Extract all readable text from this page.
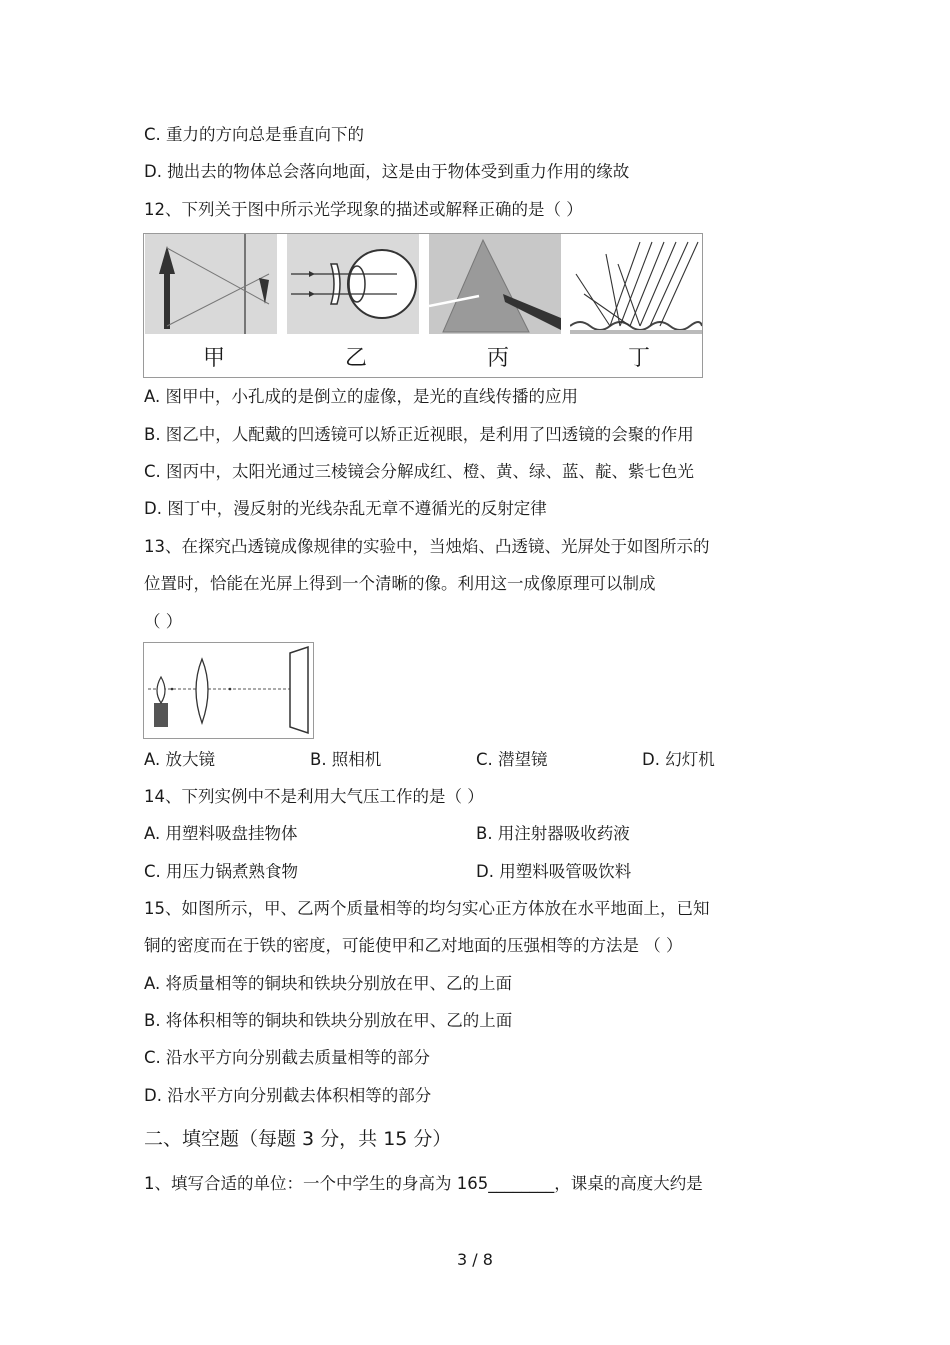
C. 重力的方向总是垂直向下的
D. 抛出去的物体总会落向地面，这是由于物体受到重力作用的缘故
12、下列关于图中所示光学现象的描述或解释正确的是（ ）
甲	乙	丙	丁
A. 图甲中，小孔成的是倒立的虚像，是光的直线传播的应用
B. 图乙中，人配戴的凹透镜可以矫正近视眼，是利用了凹透镜的会聚的作用
C. 图丙中，太阳光通过三棱镜会分解成红、橙、黄、绿、蓝、靛、紫七色光
D. 图丁中，漫反射的光线杂乱无章不遵循光的反射定律
13、在探究凸透镜成像规律的实验中，当烛焰、凸透镜、光屏处于如图所示的
位置时，恰能在光屏上得到一个清晰的像。利用这一成像原理可以制成
（ ）
A. 放大镜	B. 照相机	C. 潜望镜	D. 幻灯机
14、下列实例中不是利用大气压工作的是（ ）
A. 用塑料吸盘挂物体	B. 用注射器吸收药液
C. 用压力锅煮熟食物	D. 用塑料吸管吸饮料
15、如图所示，甲、乙两个质量相等的均匀实心正方体放在水平地面上，已知
铜的密度而在于铁的密度，可能使甲和乙对地面的压强相等的方法是 （ ）
A. 将质量相等的铜块和铁块分别放在甲、乙的上面
B. 将体积相等的铜块和铁块分别放在甲、乙的上面
C. 沿水平方向分别截去质量相等的部分
D. 沿水平方向分别截去体积相等的部分
二、填空题（每题 3 分，共 15 分）
1、填写合适的单位：一个中学生的身高为 165________，课桌的高度大约是
3 / 8
